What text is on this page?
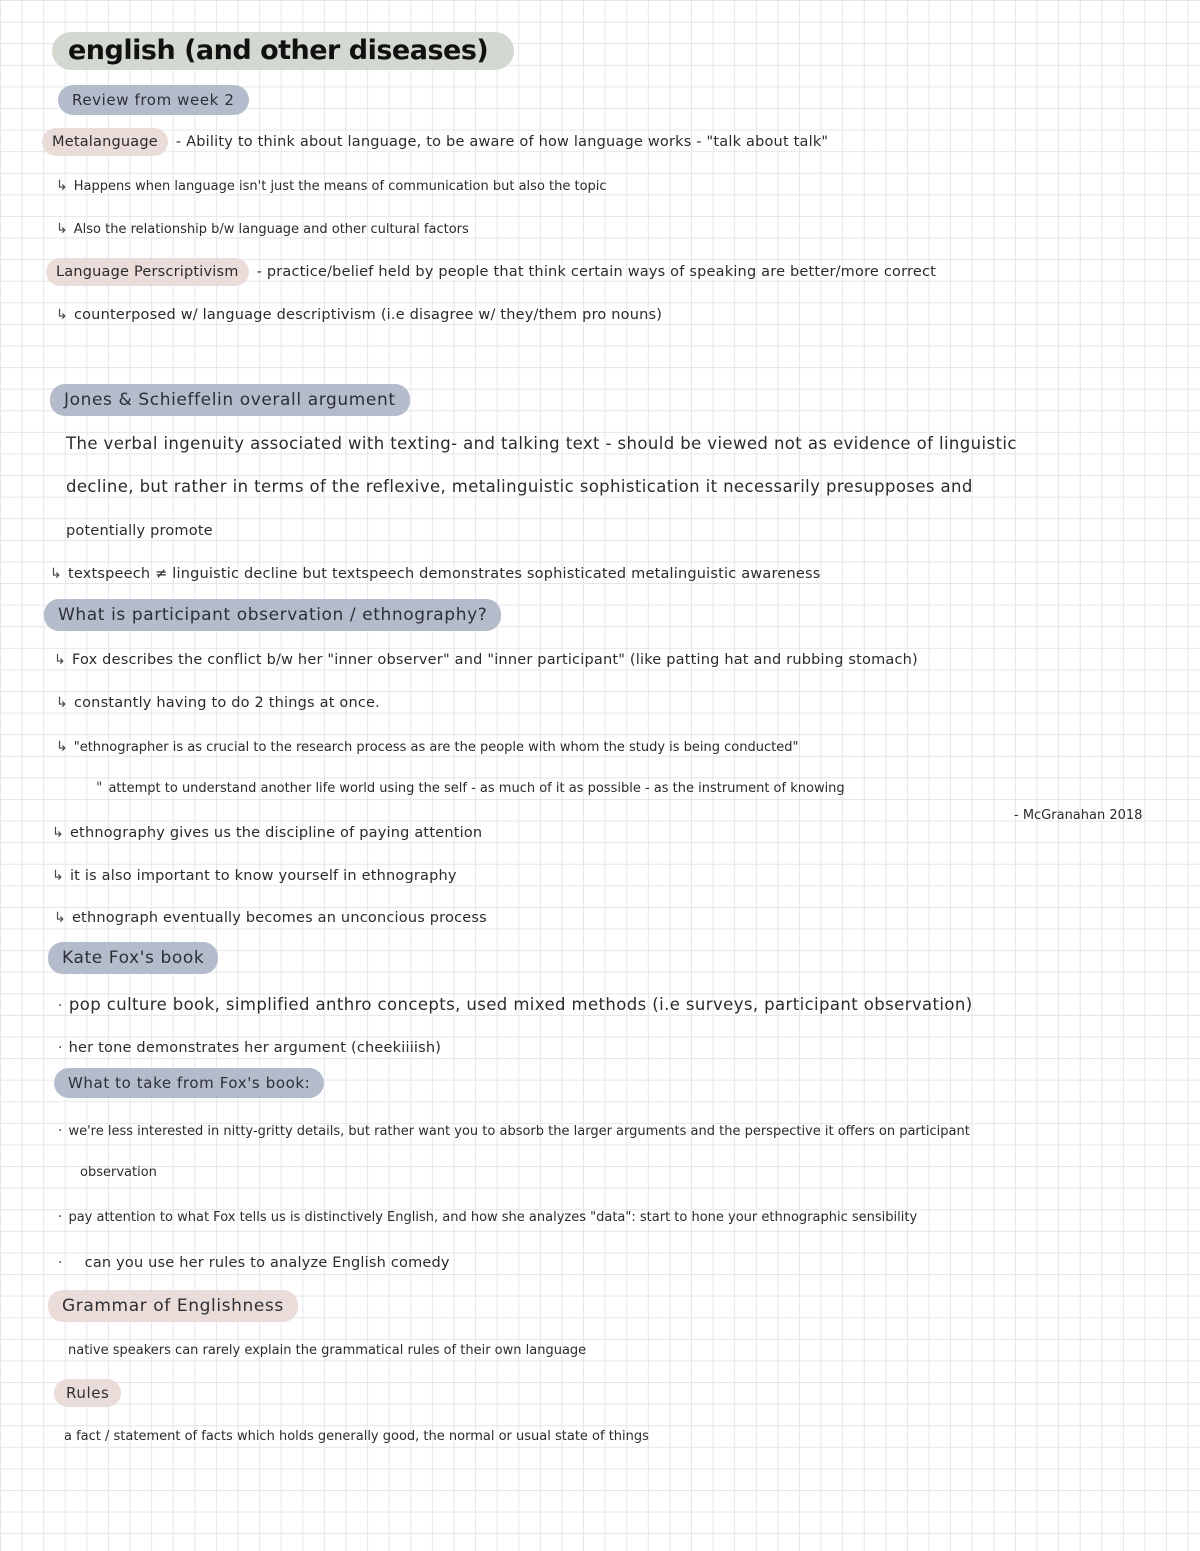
english (and other diseases)
Review from week 2
Metalanguage - Ability to think about language, to be aware of how language works - "talk about talk"
↳ Happens when language isn't just the means of communication but also the topic
↳ Also the relationship b/w language and other cultural factors
Language Perscriptivism - practice/belief held by people that think certain ways of speaking are better/more correct
↳ counterposed w/ language descriptivism (i.e disagree w/ they/them pro nouns)
Jones & Schieffelin overall argument
The verbal ingenuity associated with texting- and talking text - should be viewed not as evidence of linguistic
decline, but rather in terms of the reflexive, metalinguistic sophistication it necessarily presupposes and
potentially promote
↳ textspeech ≠ linguistic decline but textspeech demonstrates sophisticated metalinguistic awareness
What is participant observation / ethnography?
↳ Fox describes the conflict b/w her "inner observer" and "inner participant" (like patting hat and rubbing stomach)
↳ constantly having to do 2 things at once.
↳ "ethnographer is as crucial to the research process as are the people with whom the study is being conducted"
" attempt to understand another life world using the self - as much of it as possible - as the instrument of knowing
- McGranahan 2018
↳ ethnography gives us the discipline of paying attention
↳ it is also important to know yourself in ethnography
↳ ethnograph eventually becomes an unconcious process
Kate Fox's book
· pop culture book, simplified anthro concepts, used mixed methods (i.e surveys, participant observation)
· her tone demonstrates her argument (cheekiiiish)
What to take from Fox's book:
· we're less interested in nitty-gritty details, but rather want you to absorb the larger arguments and the perspective it offers on participant
observation
· pay attention to what Fox tells us is distinctively English, and how she analyzes "data": start to hone your ethnographic sensibility
· can you use her rules to analyze English comedy
Grammar of Englishness
native speakers can rarely explain the grammatical rules of their own language
Rules
a fact / statement of facts which holds generally good, the normal or usual state of things
